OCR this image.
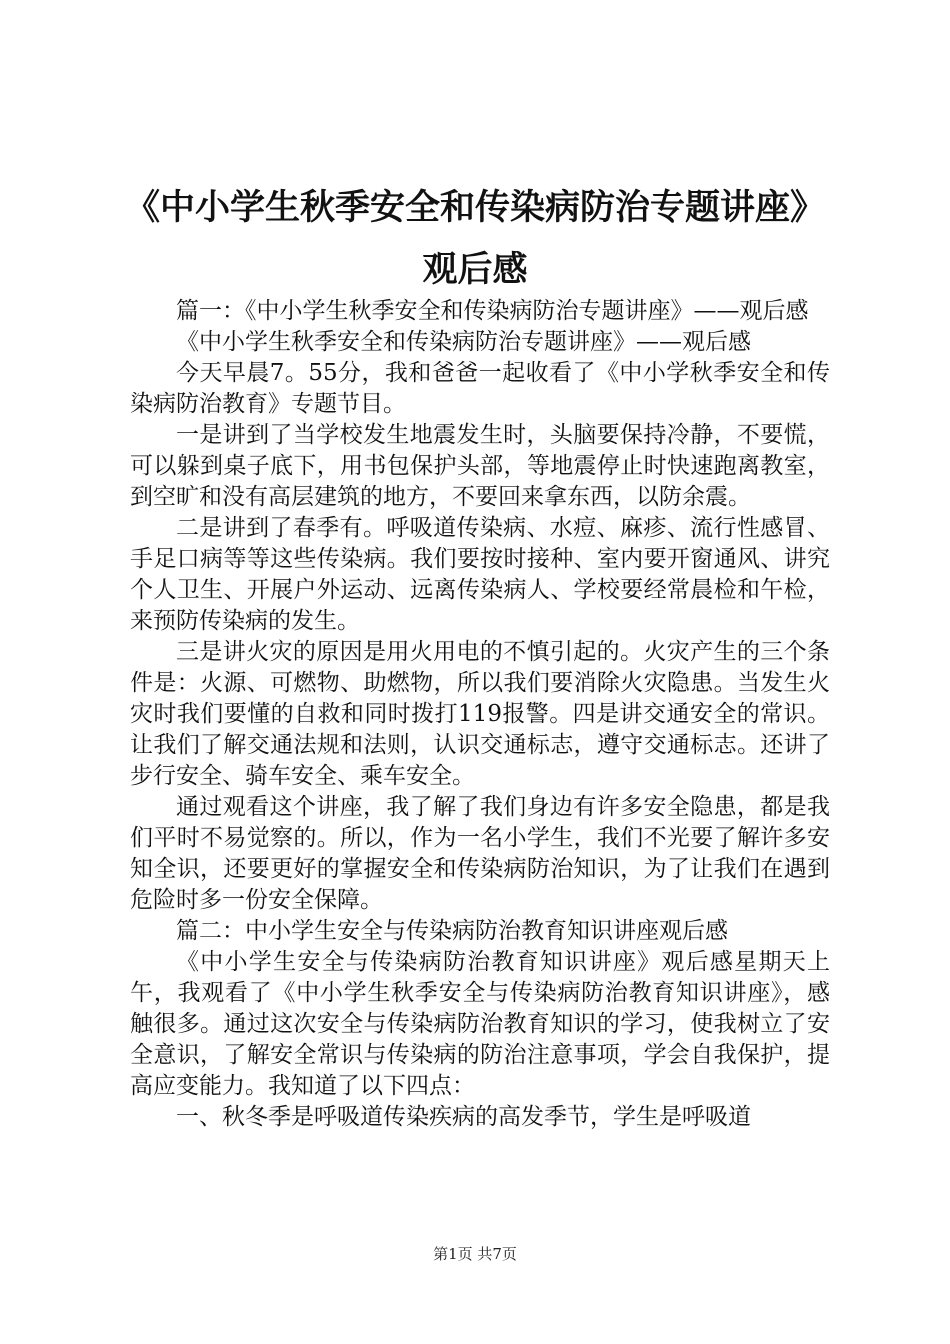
《中小学生秋季安全和传染病防治专题讲座》
观后感

篇一：《中小学生秋季安全和传染病防治专题讲座》——观后感

《中小学生秋季安全和传染病防治专题讲座》——观后感

今天早晨7。55分，我和爸爸一起收看了《中小学秋季安全和传染病防治教育》专题节目。

一是讲到了当学校发生地震发生时，头脑要保持冷静，不要慌，可以躲到桌子底下，用书包保护头部，等地震停止时快速跑离教室，到空旷和没有高层建筑的地方，不要回来拿东西，以防余震。

二是讲到了春季有。呼吸道传染病、水痘、麻疹、流行性感冒、手足口病等等这些传染病。我们要按时接种、室内要开窗通风、讲究个人卫生、开展户外运动、远离传染病人、学校要经常晨检和午检，来预防传染病的发生。

三是讲火灾的原因是用火用电的不慎引起的。火灾产生的三个条件是：火源、可燃物、助燃物，所以我们要消除火灾隐患。当发生火灾时我们要懂的自救和同时拨打119报警。四是讲交通安全的常识。让我们了解交通法规和法则，认识交通标志，遵守交通标志。还讲了步行安全、骑车安全、乘车安全。

通过观看这个讲座，我了解了我们身边有许多安全隐患，都是我们平时不易觉察的。所以，作为一名小学生，我们不光要了解许多安知全识，还要更好的掌握安全和传染病防治知识，为了让我们在遇到危险时多一份安全保障。

篇二：中小学生安全与传染病防治教育知识讲座观后感

《中小学生安全与传染病防治教育知识讲座》观后感星期天上午，我观看了《中小学生秋季安全与传染病防治教育知识讲座》，感触很多。通过这次安全与传染病防治教育知识的学习，使我树立了安全意识，了解安全常识与传染病的防治注意事项，学会自我保护，提高应变能力。我知道了以下四点：

一、秋冬季是呼吸道传染疾病的高发季节，学生是呼吸道

第1页 共7页
